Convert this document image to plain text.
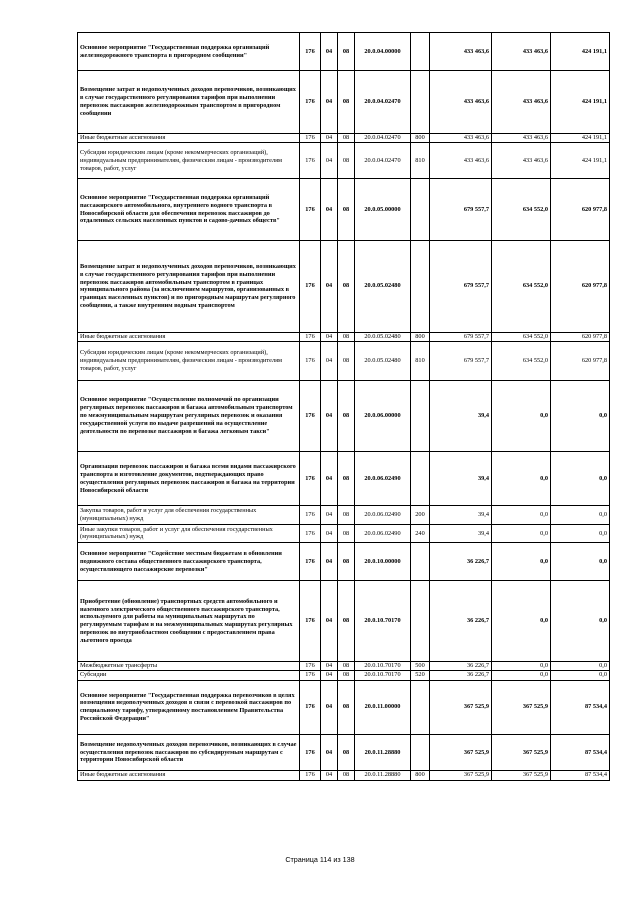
Основное мероприятие "Государственная поддержка организаций железнодорожного транспорта в пригородном сообщении"	176	04	08	20.0.04.00000		433 463,6	433 463,6	424 191,1
Возмещение затрат и недополученных доходов перевозчиков, возникающих в случае государственного регулирования тарифов при выполнении перевозок пассажиров железнодорожным транспортом в пригородном сообщении	176	04	08	20.0.04.02470		433 463,6	433 463,6	424 191,1
Иные бюджетные ассигнования	176	04	08	20.0.04.02470	800	433 463,6	433 463,6	424 191,1
Субсидии юридическим лицам (кроме некоммерческих организаций), индивидуальным предпринимателям, физическим лицам - производителям товаров, работ, услуг	176	04	08	20.0.04.02470	810	433 463,6	433 463,6	424 191,1
Основное мероприятие "Государственная поддержка организаций пассажирского автомобильного, внутреннего водного транспорта в Новосибирской области для обеспечения перевозок пассажиров до отдаленных сельских населенных пунктов и садово-дачных обществ"	176	04	08	20.0.05.00000		679 557,7	634 552,0	620 977,8
Возмещение затрат и недополученных доходов перевозчиков, возникающих в случае государственного регулирования тарифов при выполнении перевозок пассажиров автомобильным транспортом в границах муниципального района (за исключением маршрутов, организованных в границах населенных пунктов) и по пригородным маршрутам регулярного сообщения, а также внутренним водным транспортом	176	04	08	20.0.05.02480		679 557,7	634 552,0	620 977,8
Иные бюджетные ассигнования	176	04	08	20.0.05.02480	800	679 557,7	634 552,0	620 977,8
Субсидии юридическим лицам (кроме некоммерческих организаций), индивидуальным предпринимателям, физическим лицам - производителям товаров, работ, услуг	176	04	08	20.0.05.02480	810	679 557,7	634 552,0	620 977,8
Основное мероприятие "Осуществление полномочий по организации регулярных перевозок пассажиров и багажа автомобильным транспортом по межмуниципальным маршрутам регулярных перевозок и оказания государственной услуги по выдаче разрешений на осуществление деятельности по перевозке пассажиров и багажа легковым такси"	176	04	08	20.0.06.00000		39,4	0,0	0,0
Организация перевозок пассажиров и багажа всеми видами пассажирского транспорта и изготовление документов, подтверждающих право осуществления регулярных перевозок пассажиров и багажа на территории Новосибирской области	176	04	08	20.0.06.02490		39,4	0,0	0,0
Закупка товаров, работ и услуг для обеспечения государственных (муниципальных) нужд	176	04	08	20.0.06.02490	200	39,4	0,0	0,0
Иные закупки товаров, работ и услуг для обеспечения государственных (муниципальных) нужд	176	04	08	20.0.06.02490	240	39,4	0,0	0,0
Основное мероприятие "Содействие местным бюджетам в обновлении подвижного состава общественного пассажирского транспорта, осуществляющего пассажирские перевозки"	176	04	08	20.0.10.00000		36 226,7	0,0	0,0
Приобретение (обновление) транспортных средств автомобильного и наземного электрического общественного пассажирского транспорта, используемого для работы на муниципальных маршрутах по регулируемым тарифам и на межмуниципальных маршрутах регулярных перевозок во внутриобластном сообщении с предоставлением права льготного проезда	176	04	08	20.0.10.70170		36 226,7	0,0	0,0
Межбюджетные трансферты	176	04	08	20.0.10.70170	500	36 226,7	0,0	0,0
Субсидии	176	04	08	20.0.10.70170	520	36 226,7	0,0	0,0
Основное мероприятие "Государственная поддержка перевозчиков в целях возмещения недополученных доходов в связи с перевозкой пассажиров по специальному тарифу, утвержденному постановлением Правительства Российской Федерации"	176	04	08	20.0.11.00000		367 525,9	367 525,9	87 534,4
Возмещение недополученных доходов перевозчиков, возникающих в случае осуществления перевозок пассажиров по субсидируемым маршрутам с территории Новосибирской области	176	04	08	20.0.11.28880		367 525,9	367 525,9	87 534,4
Иные бюджетные ассигнования	176	04	08	20.0.11.28880	800	367 525,9	367 525,9	87 534,4
Страница 114 из 138
